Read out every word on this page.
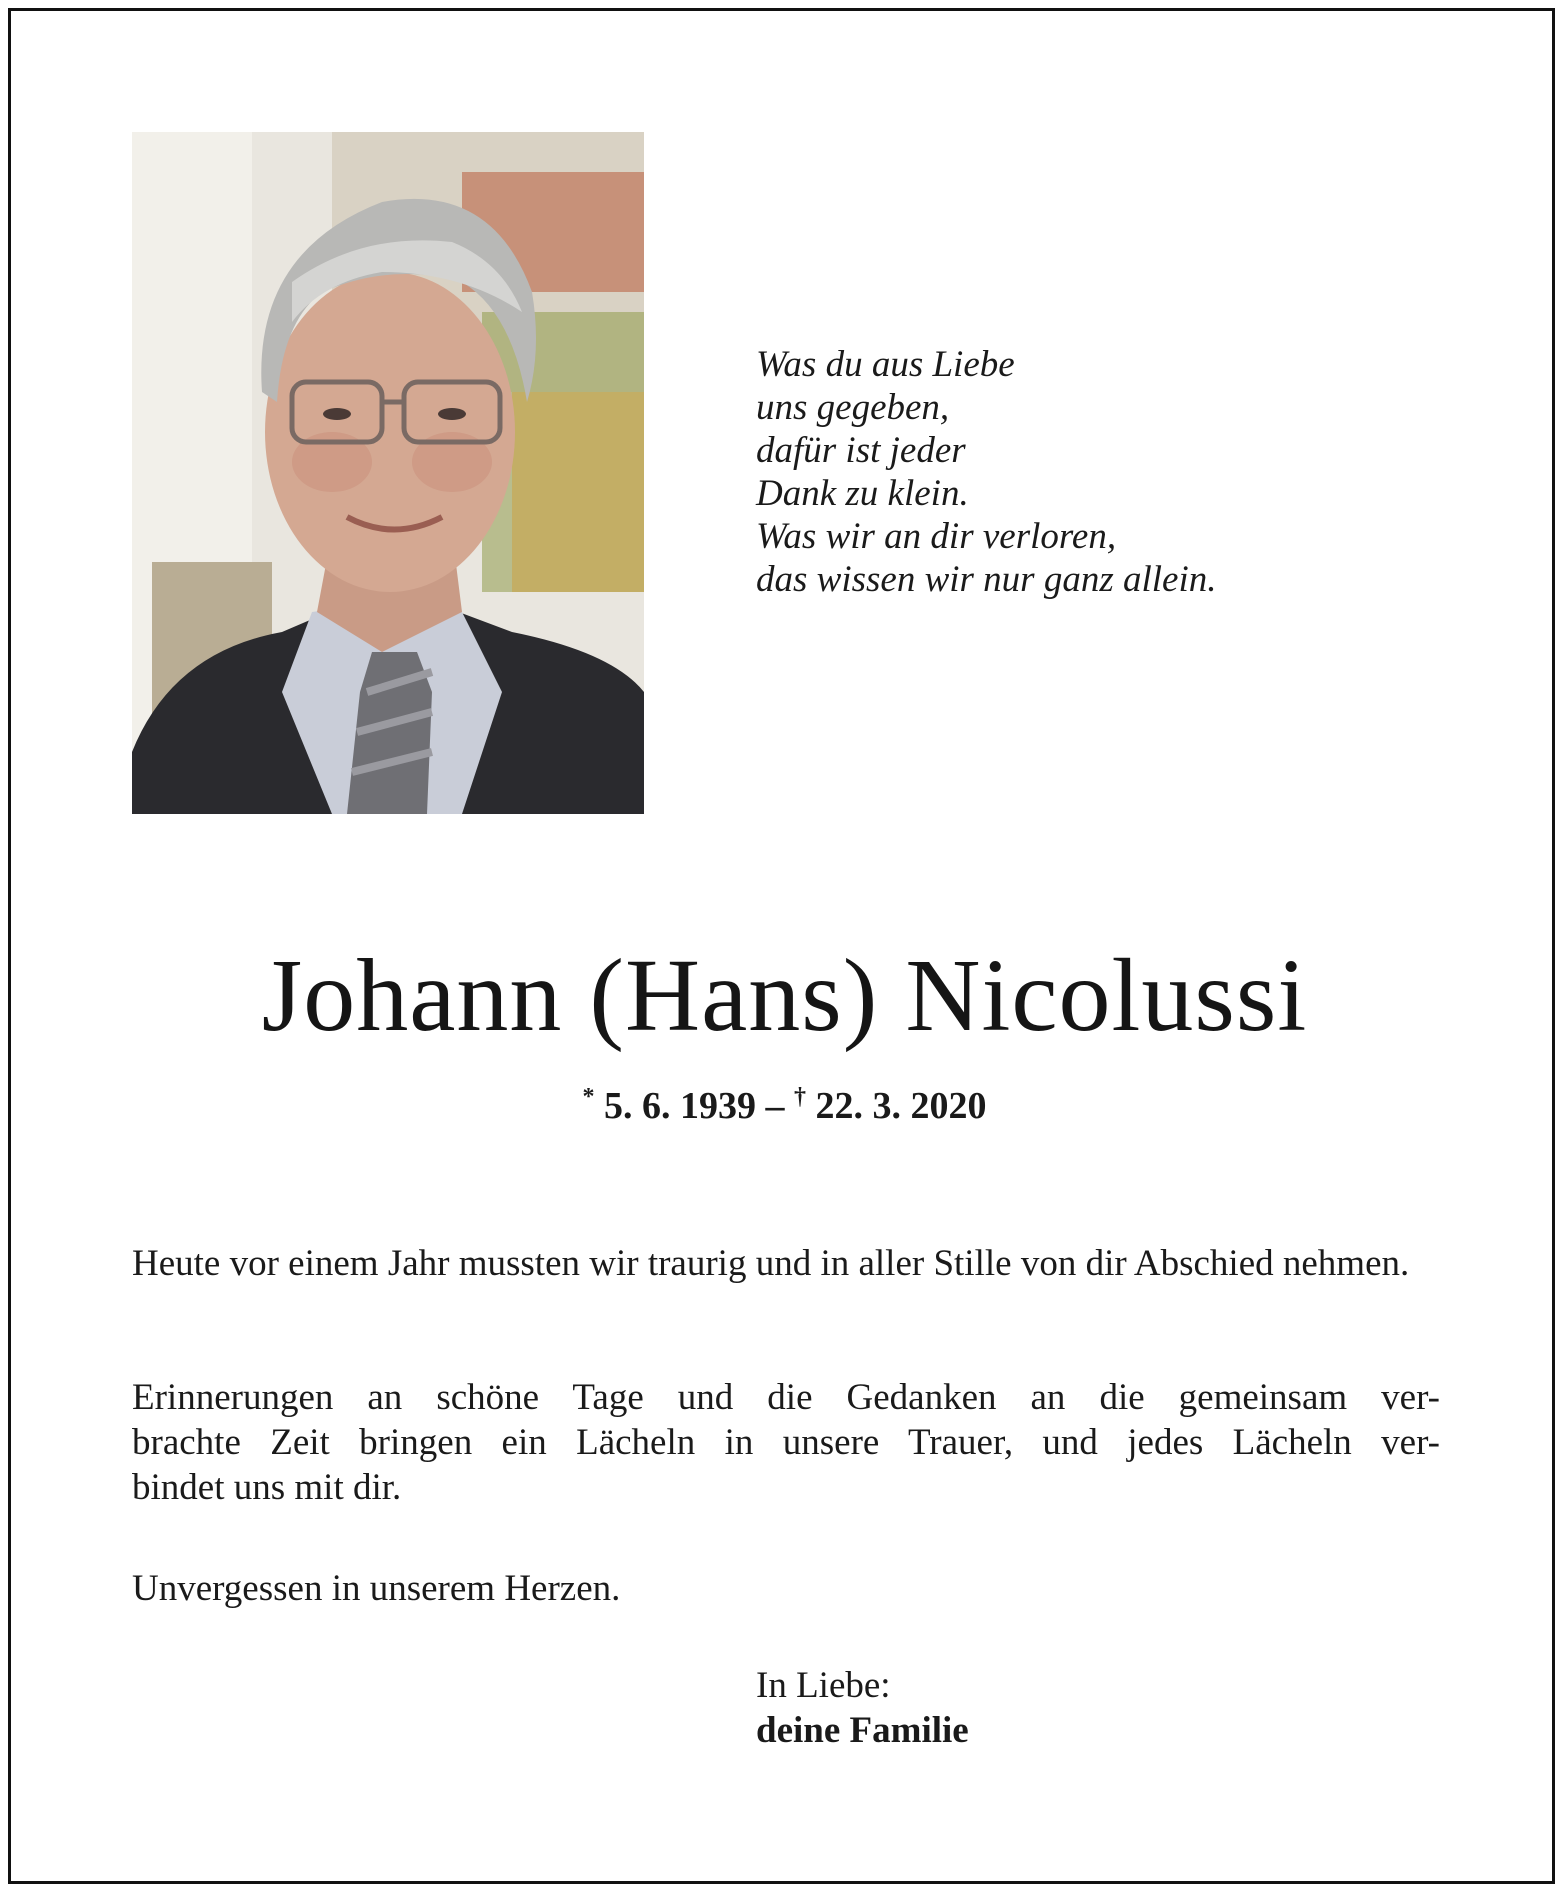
Was du aus Liebe
uns gegeben,
dafür ist jeder
Dank zu klein.
Was wir an dir verloren,
das wissen wir nur ganz allein.
Johann (Hans) Nicolussi
* 5. 6. 1939 – † 22. 3. 2020
Heute vor einem Jahr mussten wir traurig und in aller Stille von dir Abschied nehmen.
Erinnerungen an schöne Tage und die Gedanken an die gemeinsam ver-
brachte Zeit bringen ein Lächeln in unsere Trauer, und jedes Lächeln ver-
bindet uns mit dir.
Unvergessen in unserem Herzen.
In Liebe:
deine Familie
